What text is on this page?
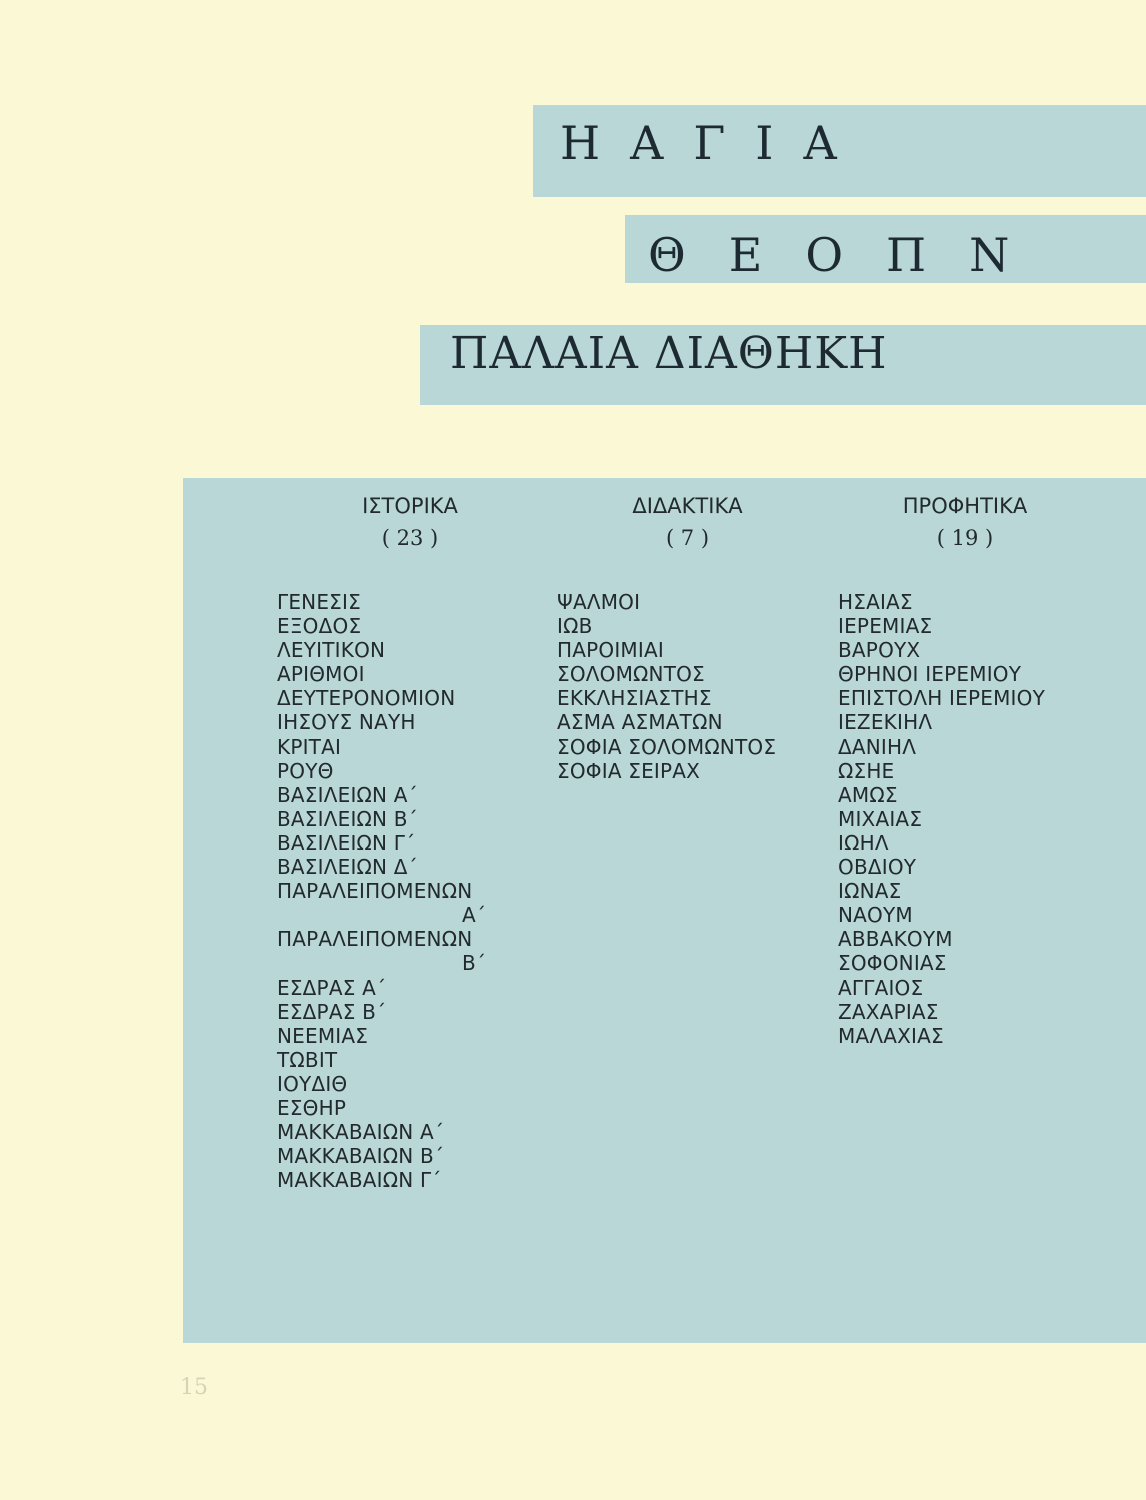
Η Α Γ Ι Α
Θ Ε Ο Π Ν
ΠΑΛΑΙΑ ΔΙΑΘΗΚΗ
ΙΣΤΟΡΙΚΑ
( 23 )
ΔΙΔΑΚΤΙΚΑ
( 7 )
ΠΡΟΦΗΤΙΚΑ
( 19 )
ΓΕΝΕΣΙΣ
ΕΞΟΔΟΣ
ΛΕΥΙΤΙΚΟΝ
ΑΡΙΘΜΟΙ
ΔΕΥΤΕΡΟΝΟΜΙΟΝ
ΙΗΣΟΥΣ ΝΑΥΗ
ΚΡΙΤΑΙ
ΡΟΥΘ
ΒΑΣΙΛΕΙΩΝ Α΄
ΒΑΣΙΛΕΙΩΝ Β΄
ΒΑΣΙΛΕΙΩΝ Γ΄
ΒΑΣΙΛΕΙΩΝ Δ΄
ΠΑΡΑΛΕΙΠΟΜΕΝΩΝ
Α΄
ΠΑΡΑΛΕΙΠΟΜΕΝΩΝ
Β΄
ΕΣΔΡΑΣ Α΄
ΕΣΔΡΑΣ Β΄
ΝΕΕΜΙΑΣ
ΤΩΒΙΤ
ΙΟΥΔΙΘ
ΕΣΘΗΡ
ΜΑΚΚΑΒΑΙΩΝ Α΄
ΜΑΚΚΑΒΑΙΩΝ Β΄
ΜΑΚΚΑΒΑΙΩΝ Γ΄
ΨΑΛΜΟΙ
ΙΩΒ
ΠΑΡΟΙΜΙΑΙ
ΣΟΛΟΜΩΝΤΟΣ
ΕΚΚΛΗΣΙΑΣΤΗΣ
ΑΣΜΑ ΑΣΜΑΤΩΝ
ΣΟΦΙΑ ΣΟΛΟΜΩΝΤΟΣ
ΣΟΦΙΑ ΣΕΙΡΑΧ
ΗΣΑΙΑΣ
ΙΕΡΕΜΙΑΣ
ΒΑΡΟΥΧ
ΘΡΗΝΟΙ ΙΕΡΕΜΙΟΥ
ΕΠΙΣΤΟΛΗ ΙΕΡΕΜΙΟΥ
ΙΕΖΕΚΙΗΛ
ΔΑΝΙΗΛ
ΩΣΗΕ
ΑΜΩΣ
ΜΙΧΑΙΑΣ
ΙΩΗΛ
ΟΒΔΙΟΥ
ΙΩΝΑΣ
ΝΑΟΥΜ
ΑΒΒΑΚΟΥΜ
ΣΟΦΟΝΙΑΣ
ΑΓΓΑΙΟΣ
ΖΑΧΑΡΙΑΣ
ΜΑΛΑΧΙΑΣ
15
